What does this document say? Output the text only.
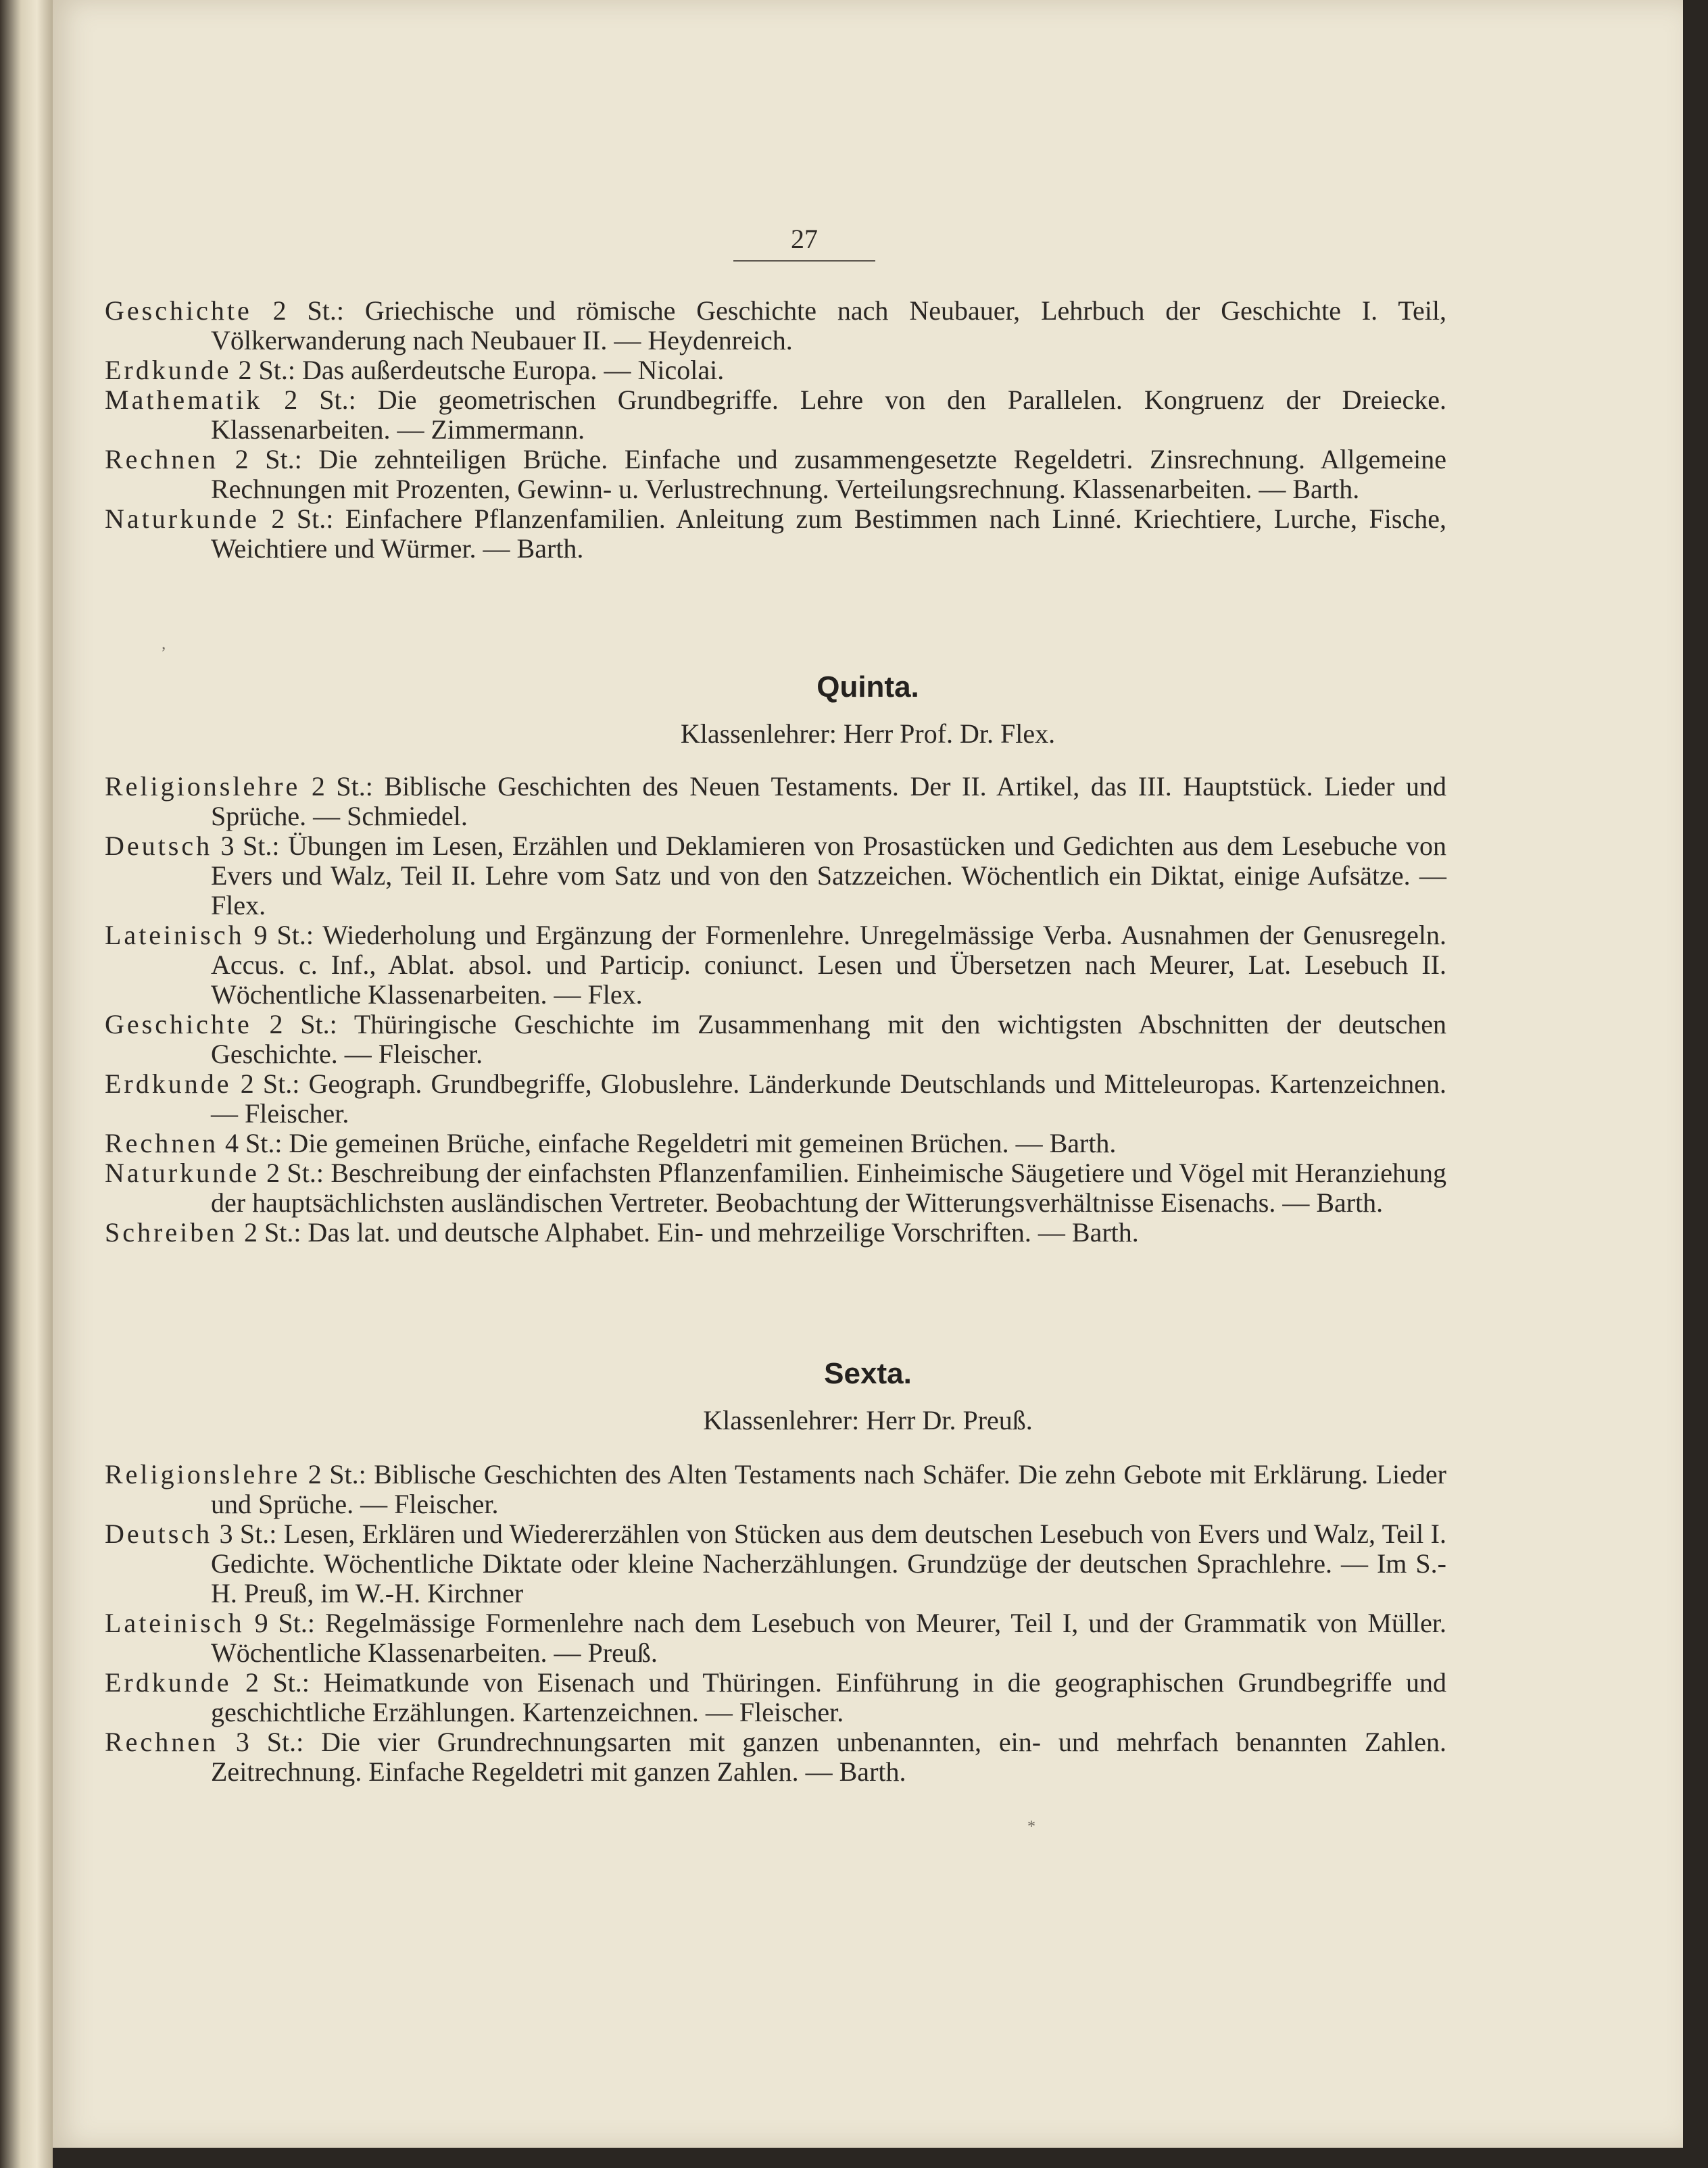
27

Geschichte 2 St.: Griechische und römische Geschichte nach Neubauer, Lehrbuch der Geschichte I. Teil, Völkerwanderung nach Neubauer II. — Heydenreich.

Erdkunde 2 St.: Das außerdeutsche Europa. — Nicolai.

Mathematik 2 St.: Die geometrischen Grundbegriffe. Lehre von den Parallelen. Kongruenz der Dreiecke. Klassenarbeiten. — Zimmermann.

Rechnen 2 St.: Die zehnteiligen Brüche. Einfache und zusammengesetzte Regeldetri. Zinsrechnung. Allgemeine Rechnungen mit Prozenten, Gewinn- u. Verlustrechnung. Verteilungsrechnung. Klassenarbeiten. — Barth.

Naturkunde 2 St.: Einfachere Pflanzenfamilien. Anleitung zum Bestimmen nach Linné. Kriechtiere, Lurche, Fische, Weichtiere und Würmer. — Barth.

Quinta.
Klassenlehrer: Herr Prof. Dr. Flex.

Religionslehre 2 St.: Biblische Geschichten des Neuen Testaments. Der II. Artikel, das III. Hauptstück. Lieder und Sprüche. — Schmiedel.

Deutsch 3 St.: Übungen im Lesen, Erzählen und Deklamieren von Prosastücken und Gedichten aus dem Lesebuche von Evers und Walz, Teil II. Lehre vom Satz und von den Satzzeichen. Wöchentlich ein Diktat, einige Aufsätze. — Flex.

Lateinisch 9 St.: Wiederholung und Ergänzung der Formenlehre. Unregelmässige Verba. Ausnahmen der Genusregeln. Accus. c. Inf., Ablat. absol. und Particip. coniunct. Lesen und Übersetzen nach Meurer, Lat. Lesebuch II. Wöchentliche Klassenarbeiten. — Flex.

Geschichte 2 St.: Thüringische Geschichte im Zusammenhang mit den wichtigsten Abschnitten der deutschen Geschichte. — Fleischer.

Erdkunde 2 St.: Geograph. Grundbegriffe, Globuslehre. Länderkunde Deutschlands und Mitteleuropas. Kartenzeichnen. — Fleischer.

Rechnen 4 St.: Die gemeinen Brüche, einfache Regeldetri mit gemeinen Brüchen. — Barth.

Naturkunde 2 St.: Beschreibung der einfachsten Pflanzenfamilien. Einheimische Säugetiere und Vögel mit Heranziehung der hauptsächlichsten ausländischen Vertreter. Beobachtung der Witterungsverhältnisse Eisenachs. — Barth.

Schreiben 2 St.: Das lat. und deutsche Alphabet. Ein- und mehrzeilige Vorschriften. — Barth.

Sexta.
Klassenlehrer: Herr Dr. Preuß.

Religionslehre 2 St.: Biblische Geschichten des Alten Testaments nach Schäfer. Die zehn Gebote mit Erklärung. Lieder und Sprüche. — Fleischer.

Deutsch 3 St.: Lesen, Erklären und Wiedererzählen von Stücken aus dem deutschen Lesebuch von Evers und Walz, Teil I. Gedichte. Wöchentliche Diktate oder kleine Nacherzählungen. Grundzüge der deutschen Sprachlehre. — Im S.-H. Preuß, im W.-H. Kirchner

Lateinisch 9 St.: Regelmässige Formenlehre nach dem Lesebuch von Meurer, Teil I, und der Grammatik von Müller. Wöchentliche Klassenarbeiten. — Preuß.

Erdkunde 2 St.: Heimatkunde von Eisenach und Thüringen. Einführung in die geographischen Grundbegriffe und geschichtliche Erzählungen. Kartenzeichnen. — Fleischer.

Rechnen 3 St.: Die vier Grundrechnungsarten mit ganzen unbenannten, ein- und mehrfach benannten Zahlen. Zeitrechnung. Einfache Regeldetri mit ganzen Zahlen. — Barth.

‚
*
